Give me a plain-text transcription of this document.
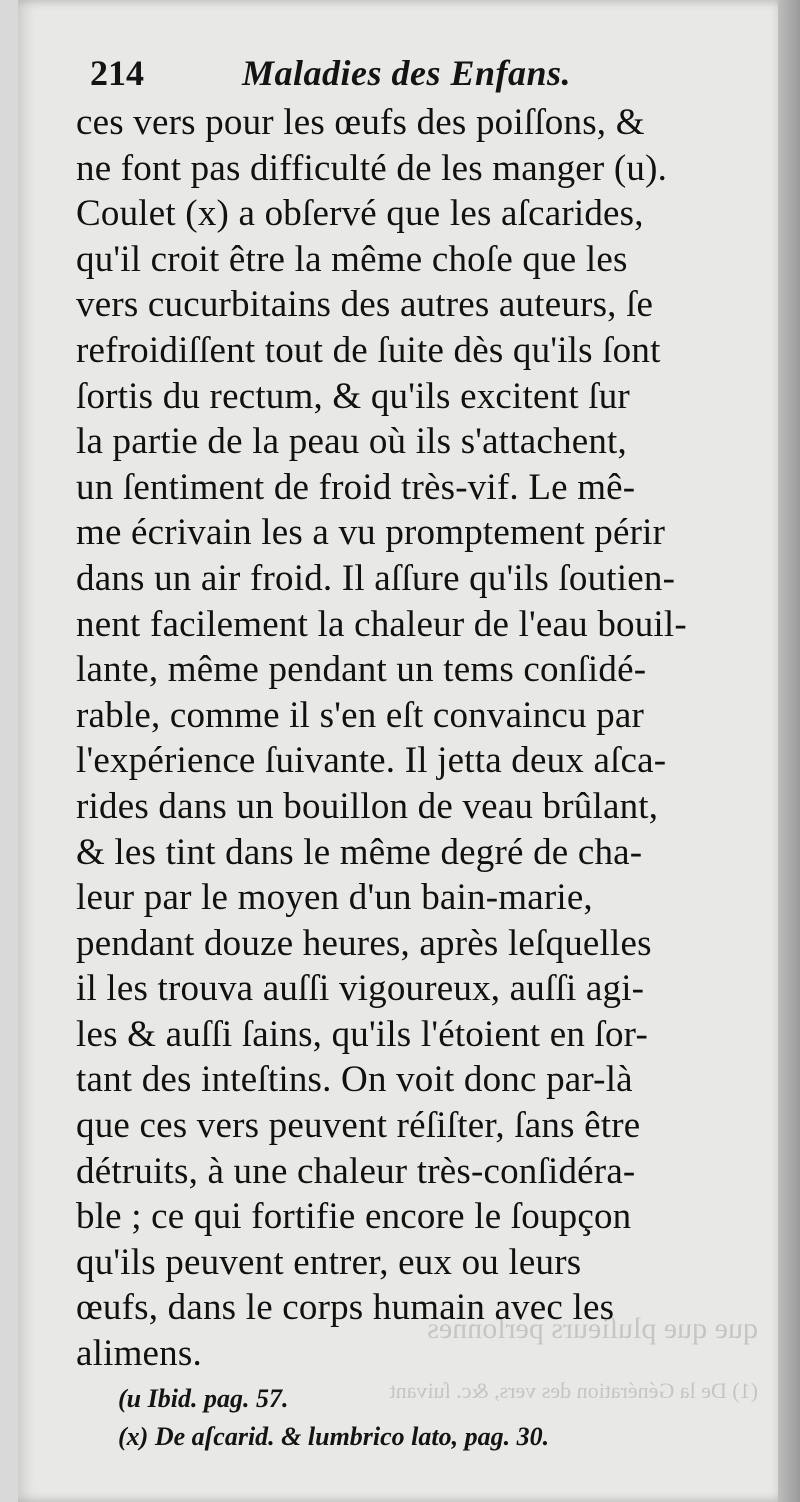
214	Maladies des Enfans.
ces vers pour les œufs des poiſſons, &
ne font pas difficulté de les manger (u).
Coulet (x) a obſervé que les aſcarides,
qu'il croit être la même choſe que les
vers cucurbitains des autres auteurs, ſe
refroidiſſent tout de ſuite dès qu'ils ſont
ſortis du rectum, & qu'ils excitent ſur
la partie de la peau où ils s'attachent,
un ſentiment de froid très-vif. Le mê-
me écrivain les a vu promptement périr
dans un air froid. Il aſſure qu'ils ſoutien-
nent facilement la chaleur de l'eau bouil-
lante, même pendant un tems conſidé-
rable, comme il s'en eſt convaincu par
l'expérience ſuivante. Il jetta deux aſca-
rides dans un bouillon de veau brûlant,
& les tint dans le même degré de cha-
leur par le moyen d'un bain-marie,
pendant douze heures, après leſquelles
il les trouva auſſi vigoureux, auſſi agi-
les & auſſi ſains, qu'ils l'étoient en ſor-
tant des inteſtins. On voit donc par-là
que ces vers peuvent réſiſter, ſans être
détruits, à une chaleur très-conſidéra-
ble ; ce qui fortifie encore le ſoupçon
qu'ils peuvent entrer, eux ou leurs
œufs, dans le corps humain avec les
alimens.
que que pluſieurs perſonnes
(1) De la Génération des vers, &c. ſuivant
(u Ibid. pag. 57.
(x) De aſcarid. & lumbrico lato, pag. 30.
